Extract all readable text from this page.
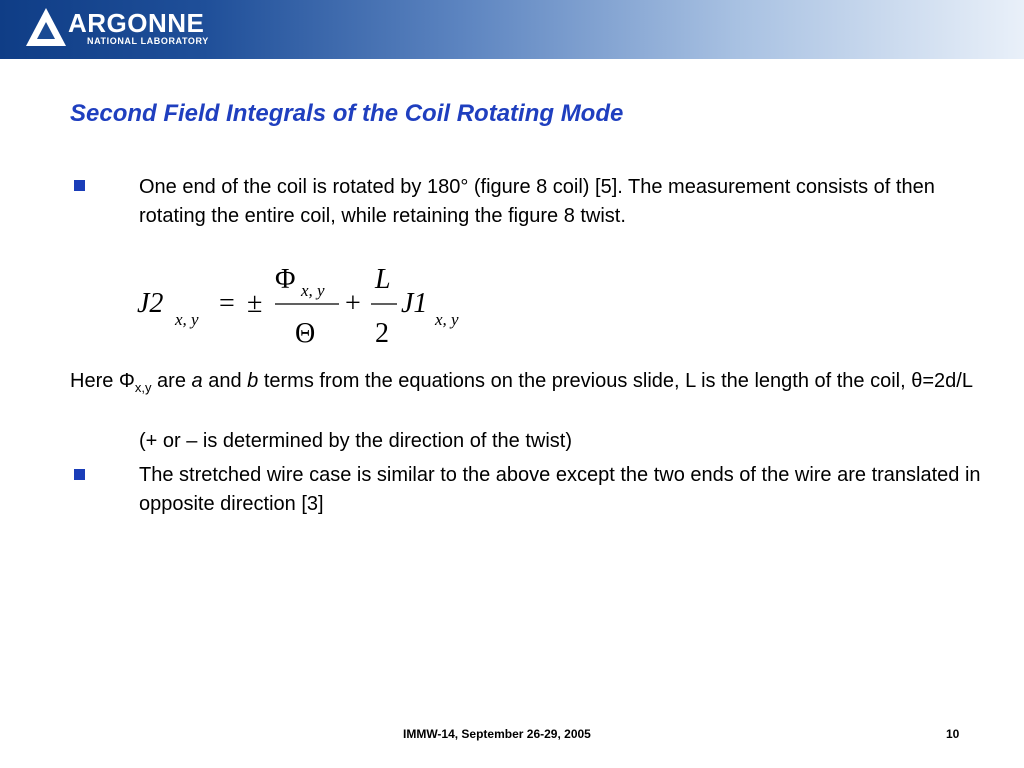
ARGONNE
NATIONAL LABORATORY
Second Field Integrals of the Coil Rotating Mode
One end of the coil is rotated by 180° (figure 8 coil) [5]. The measurement consists of then rotating the entire coil, while retaining the figure 8 twist.
J2
x, y
= ±
Φ x, y
Θ
+
L
2
J1
x, y
Here $\Phi_{x,y}$ are a and b terms from the equations on the previous slide, L is the length of the coil, θ=2d/L
(+ or – is determined by the direction of the twist)
The stretched wire case is similar to the above except the two ends of the wire are translated in opposite direction [3]
IMMW-14, September 26-29, 2005	10
